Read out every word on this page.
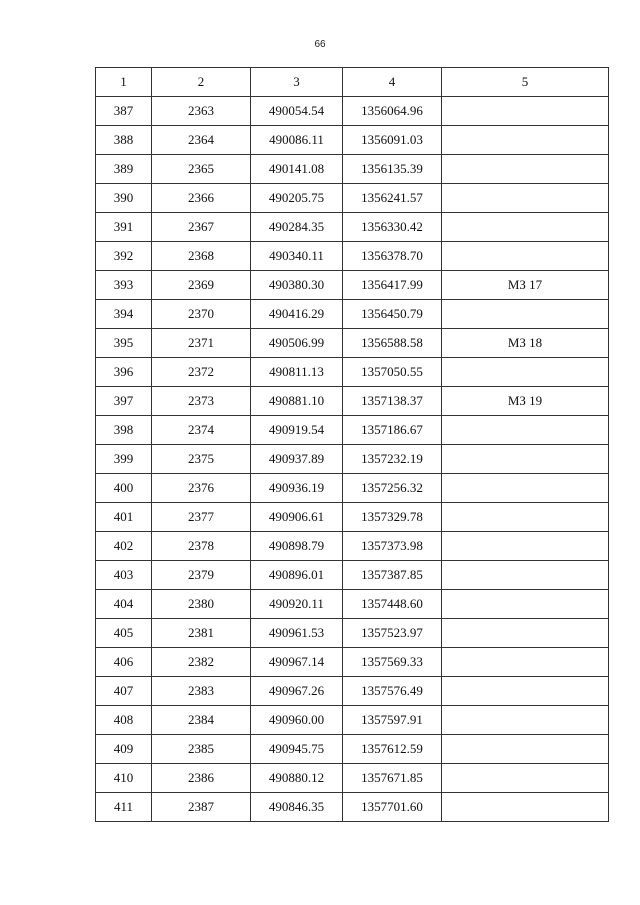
66
1	2	3	4	5
387	2363	490054.54	1356064.96	
388	2364	490086.11	1356091.03	
389	2365	490141.08	1356135.39	
390	2366	490205.75	1356241.57	
391	2367	490284.35	1356330.42	
392	2368	490340.11	1356378.70	
393	2369	490380.30	1356417.99	МЗ 17
394	2370	490416.29	1356450.79	
395	2371	490506.99	1356588.58	МЗ 18
396	2372	490811.13	1357050.55	
397	2373	490881.10	1357138.37	МЗ 19
398	2374	490919.54	1357186.67	
399	2375	490937.89	1357232.19	
400	2376	490936.19	1357256.32	
401	2377	490906.61	1357329.78	
402	2378	490898.79	1357373.98	
403	2379	490896.01	1357387.85	
404	2380	490920.11	1357448.60	
405	2381	490961.53	1357523.97	
406	2382	490967.14	1357569.33	
407	2383	490967.26	1357576.49	
408	2384	490960.00	1357597.91	
409	2385	490945.75	1357612.59	
410	2386	490880.12	1357671.85	
411	2387	490846.35	1357701.60	
